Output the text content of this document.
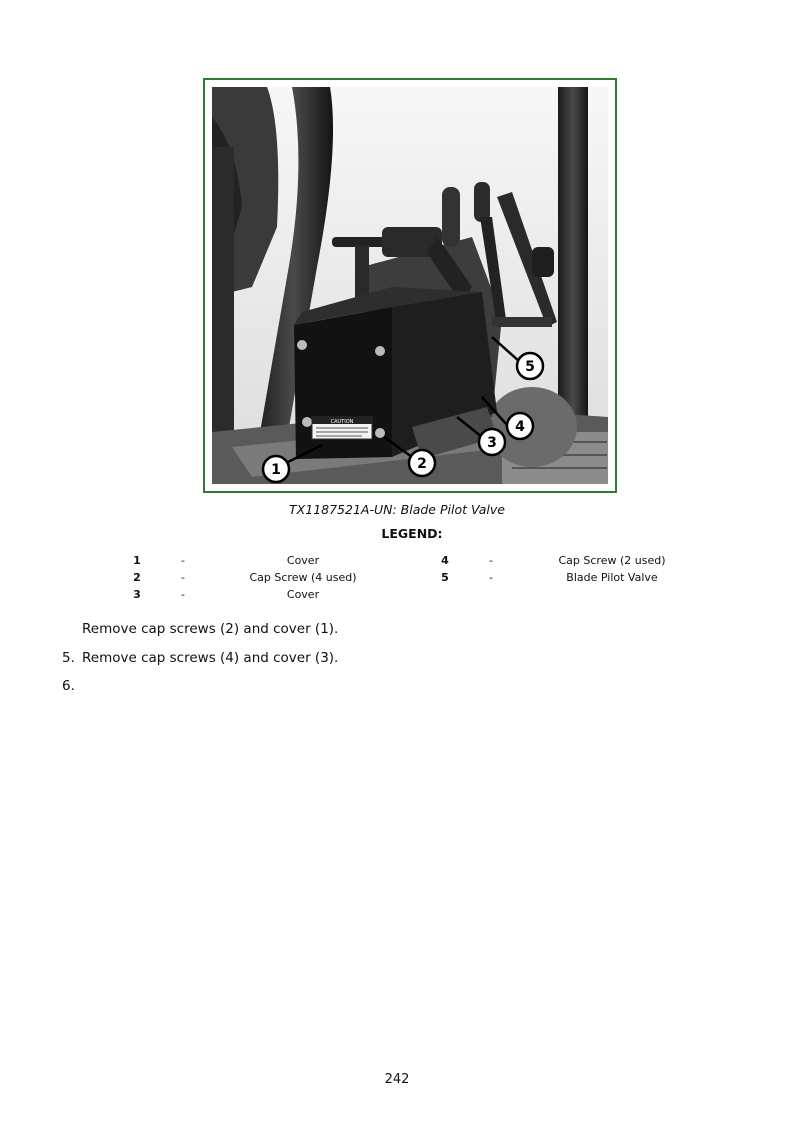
CAUTION
1	2
3
4
5
TX1187521A-UN: Blade Pilot Valve
LEGEND:
1	-	Cover	4	-	Cap Screw (2 used)
2	-	Cap Screw (4 used)	5	-	Blade Pilot Valve
3	-	Cover
Remove cap screws (2) and cover (1).
5. Remove cap screws (4) and cover (3).
6.
242
